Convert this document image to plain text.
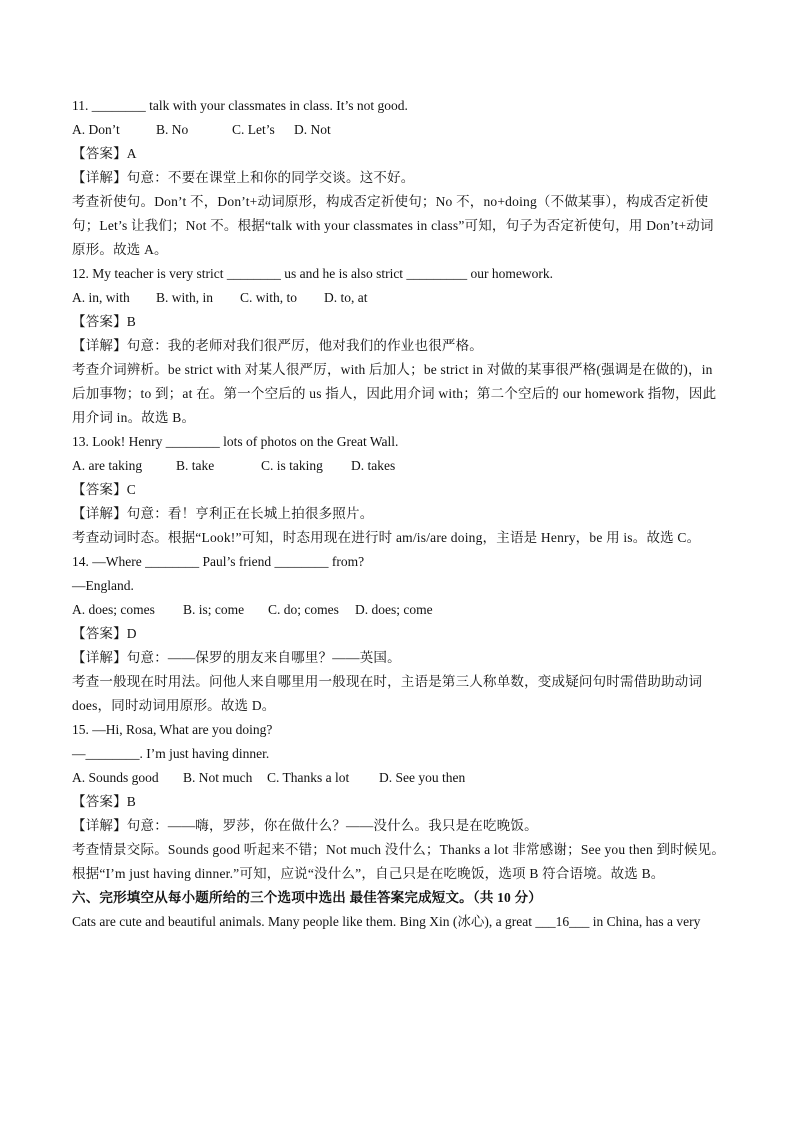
11. ________ talk with your classmates in class. It’s not good.
A. Don’t	B. No	C. Let’s D. Not
【答案】A
【详解】句意：不要在课堂上和你的同学交谈。这不好。
考查祈使句。Don’t 不，Don’t+动词原形，构成否定祈使句；No 不，no+doing（不做某事），构成否定祈使
句；Let’s 让我们；Not 不。根据“talk with your classmates in class”可知，句子为否定祈使句，用 Don’t+动词
原形。故选 A。
12. My teacher is very strict ________ us and he is also strict _________ our homework.
A. in, with B. with, in C. with, to D. to, at
【答案】B
【详解】句意：我的老师对我们很严厉，他对我们的作业也很严格。
考查介词辨析。be strict with 对某人很严厉，with 后加人；be strict in 对做的某事很严格(强调是在做的)，in
后加事物；to 到；at 在。第一个空后的 us 指人，因此用介词 with；第二个空后的 our homework 指物，因此
用介词 in。故选 B。
13. Look! Henry ________ lots of photos on the Great Wall.
A. are taking	B. take	C. is taking D. takes
【答案】C
【详解】句意：看！亨利正在长城上拍很多照片。
考查动词时态。根据“Look!”可知，时态用现在进行时 am/is/are doing，主语是 Henry，be 用 is。故选 C。
14. —Where ________ Paul’s friend ________ from?
—England.
A. does; comes B. is; come C. do; comes D. does; come
【答案】D
【详解】句意：——保罗的朋友来自哪里？——英国。
考查一般现在时用法。问他人来自哪里用一般现在时，主语是第三人称单数，变成疑问句时需借助助动词
does，同时动词用原形。故选 D。
15. —Hi, Rosa, What are you doing?
—________. I’m just having dinner.
A. Sounds good B. Not much C. Thanks a lot D. See you then
【答案】B
【详解】句意：——嗨，罗莎，你在做什么？——没什么。我只是在吃晚饭。
考查情景交际。Sounds good 听起来不错；Not much 没什么；Thanks a lot 非常感谢；See you then 到时候见。
根据“I’m just having dinner.”可知，应说“没什么”，自己只是在吃晚饭，选项 B 符合语境。故选 B。
六、完形填空从每小题所给的三个选项中选出 最佳答案完成短文。（共 10 分）
Cats are cute and beautiful animals. Many people like them. Bing Xin (冰心), a great ___16___ in China, has a very
